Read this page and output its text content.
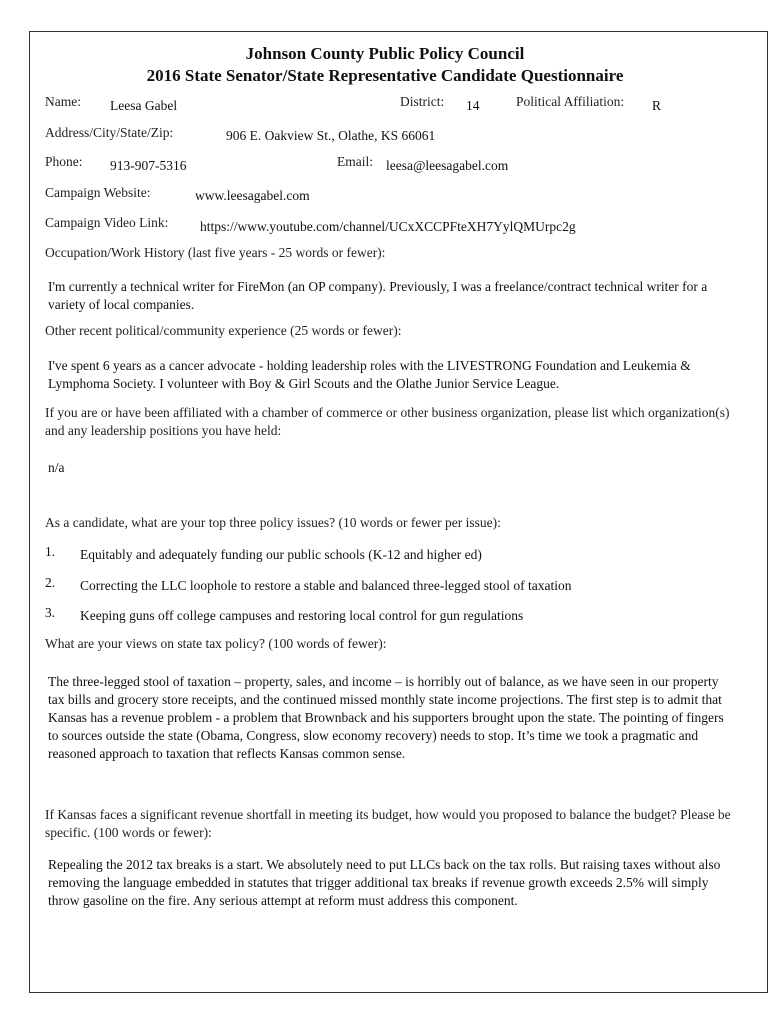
Johnson County Public Policy Council
2016 State Senator/State Representative Candidate Questionnaire
Name: Leesa Gabel	District: 14	Political Affiliation: R
Address/City/State/Zip:	906 E. Oakview St., Olathe, KS 66061
Phone: 913-907-5316	Email: leesa@leesagabel.com
Campaign Website:	www.leesagabel.com
Campaign Video Link: https://www.youtube.com/channel/UCxXCCPFteXH7YylQMUrpc2g
Occupation/Work History (last five years - 25 words or fewer):
I'm currently a technical writer for FireMon (an OP company). Previously, I was a freelance/contract technical writer for a variety of local companies.
Other recent political/community experience (25 words or fewer):
I've spent 6 years as a cancer advocate - holding leadership roles with the LIVESTRONG Foundation and Leukemia & Lymphoma Society. I volunteer with Boy & Girl Scouts and the Olathe Junior Service League.
If you are or have been affiliated with a chamber of commerce or other business organization, please list which organization(s) and any leadership positions you have held:
n/a
As a candidate, what are your top three policy issues? (10 words or fewer per issue):
1. Equitably and adequately funding our public schools (K-12 and higher ed)
2. Correcting the LLC loophole to restore a stable and balanced three-legged stool of taxation
3. Keeping guns off college campuses and restoring local control for gun regulations
What are your views on state tax policy? (100 words of fewer):
The three-legged stool of taxation – property, sales, and income – is horribly out of balance, as we have seen in our property tax bills and grocery store receipts, and the continued missed monthly state income projections. The first step is to admit that Kansas has a revenue problem - a problem that Brownback and his supporters brought upon the state. The pointing of fingers to sources outside the state (Obama, Congress, slow economy recovery) needs to stop. It’s time we took a pragmatic and reasoned approach to taxation that reflects Kansas common sense.
If Kansas faces a significant revenue shortfall in meeting its budget, how would you proposed to balance the budget? Please be specific. (100 words or fewer):
Repealing the 2012 tax breaks is a start. We absolutely need to put LLCs back on the tax rolls. But raising taxes without also removing the language embedded in statutes that trigger additional tax breaks if revenue growth exceeds 2.5% will simply throw gasoline on the fire. Any serious attempt at reform must address this component.
